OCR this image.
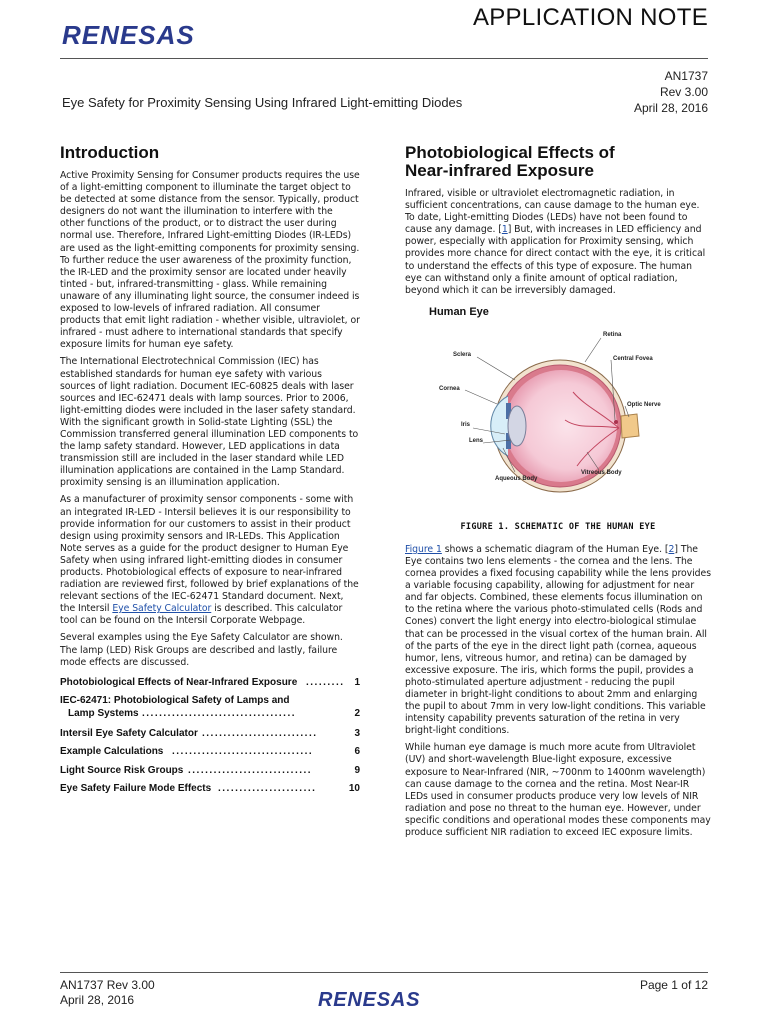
RENESAS
APPLICATION NOTE
AN1737
Rev 3.00
April 28, 2016
Eye Safety for Proximity Sensing Using Infrared Light-emitting Diodes
Introduction

Active Proximity Sensing for Consumer products requires the use of a light-emitting component to illuminate the target object to be detected at some distance from the sensor. Typically, product designers do not want the illumination to interfere with the other functions of the product, or to distract the user during normal use. Therefore, Infrared Light-emitting Diodes (IR-LEDs) are used as the light-emitting components for proximity sensing. To further reduce the user awareness of the proximity function, the IR-LED and the proximity sensor are located under heavily tinted - but, infrared-transmitting - glass. While remaining unaware of any illuminating light source, the consumer indeed is exposed to low-levels of infrared radiation. All consumer products that emit light radiation - whether visible, ultraviolet, or infrared - must adhere to international standards that specify exposure limits for human eye safety.

The International Electrotechnical Commission (IEC) has established standards for human eye safety with various sources of light radiation. Document IEC-60825 deals with laser sources and IEC-62471 deals with lamp sources. Prior to 2006, light-emitting diodes were included in the laser safety standard. With the significant growth in Solid-state Lighting (SSL) the Commission transferred general illumination LED components to the lamp safety standard. However, LED applications in data transmission still are included in the laser standard while LED illumination applications are contained in the Lamp Standard. proximity sensing is an illumination application.

As a manufacturer of proximity sensor components - some with an integrated IR-LED - Intersil believes it is our responsibility to provide information for our customers to assist in their product design using proximity sensors and IR-LEDs. This Application Note serves as a guide for the product designer to Human Eye Safety when using infrared light-emitting diodes in consumer products. Photobiological effects of exposure to near-infrared radiation are reviewed first, followed by brief explanations of the relevant sections of the IEC-62471 Standard document. Next, the Intersil Eye Safety Calculator is described. This calculator tool can be found on the Intersil Corporate Webpage.

Several examples using the Eye Safety Calculator are shown. The lamp (LED) Risk Groups are described and lastly, failure mode effects are discussed.

Photobiological Effects of Near-Infrared Exposure ......... 1
IEC-62471: Photobiological Safety of Lamps and
Lamp Systems ....................................	2
Intersil Eye Safety Calculator ...........................	3
Example Calculations .................................	6
Light Source Risk Groups .............................	9
Eye Safety Failure Mode Effects .......................	10
Photobiological Effects of
Near-infrared Exposure

Infrared, visible or ultraviolet electromagnetic radiation, in sufficient concentrations, can cause damage to the human eye. To date, Light-emitting Diodes (LEDs) have not been found to cause any damage. [1] But, with increases in LED efficiency and power, especially with application for Proximity sensing, which provides more chance for direct contact with the eye, it is critical to understand the effects of this type of exposure. The human eye can withstand only a finite amount of optical radiation, beyond which it can be irreversibly damaged.

Retina
Sclera
Central Fovea
Cornea
Optic Nerve
Iris
Lens
Aqueous Body
Vitreous Body
Human Eye
FIGURE 1. SCHEMATIC OF THE HUMAN EYE

Figure 1 shows a schematic diagram of the Human Eye. [2] The Eye contains two lens elements - the cornea and the lens. The cornea provides a fixed focusing capability while the lens provides a variable focusing capability, allowing for adjustment for near and far objects. Combined, these elements focus illumination on to the retina where the various photo-stimulated cells (Rods and Cones) convert the light energy into electro-biological stimulae that can be processed in the visual cortex of the human brain. All of the parts of the eye in the direct light path (cornea, aqueous humor, lens, vitreous humor, and retina) can be damaged by excessive exposure. The iris, which forms the pupil, provides a photo-stimulated aperture adjustment - reducing the pupil diameter in bright-light conditions to about 2mm and enlarging the pupil to about 7mm in very low-light conditions. This variable intensity capability prevents saturation of the retina in very bright-light conditions.

While human eye damage is much more acute from Ultraviolet (UV) and short-wavelength Blue-light exposure, excessive exposure to Near-Infrared (NIR, ~700nm to 1400nm wavelength) can cause damage to the cornea and the retina. Most Near-IR LEDs used in consumer products produce very low levels of NIR radiation and pose no threat to the human eye. However, under specific conditions and operational modes these components may produce sufficient NIR radiation to exceed IEC exposure limits.

AN1737 Rev 3.00
April 28, 2016	RENESAS
Page 1 of 12
